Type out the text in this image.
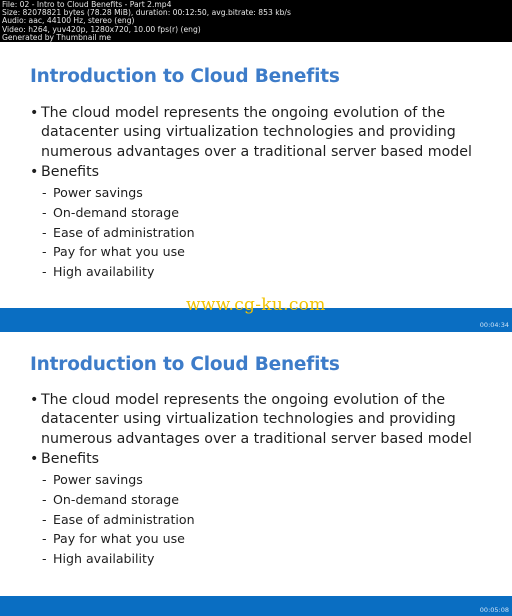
File: 02 - Intro to Cloud Benefits - Part 2.mp4
Size: 82078821 bytes (78.28 MiB), duration: 00:12:50, avg.bitrate: 853 kb/s
Audio: aac, 44100 Hz, stereo (eng)
Video: h264, yuv420p, 1280x720, 10.00 fps(r) (eng)
Generated by Thumbnail me
Introduction to Cloud Benefits
• The cloud model represents the ongoing evolution of the
datacenter using virtualization technologies and providing
numerous advantages over a traditional server based model
• Benefits
- Power savings
- On-demand storage
- Ease of administration
- Pay for what you use
- High availability
00:04:34
Introduction to Cloud Benefits
• The cloud model represents the ongoing evolution of the
datacenter using virtualization technologies and providing
numerous advantages over a traditional server based model
• Benefits
- Power savings
- On-demand storage
- Ease of administration
- Pay for what you use
- High availability
00:05:08
www.cg-ku.com
